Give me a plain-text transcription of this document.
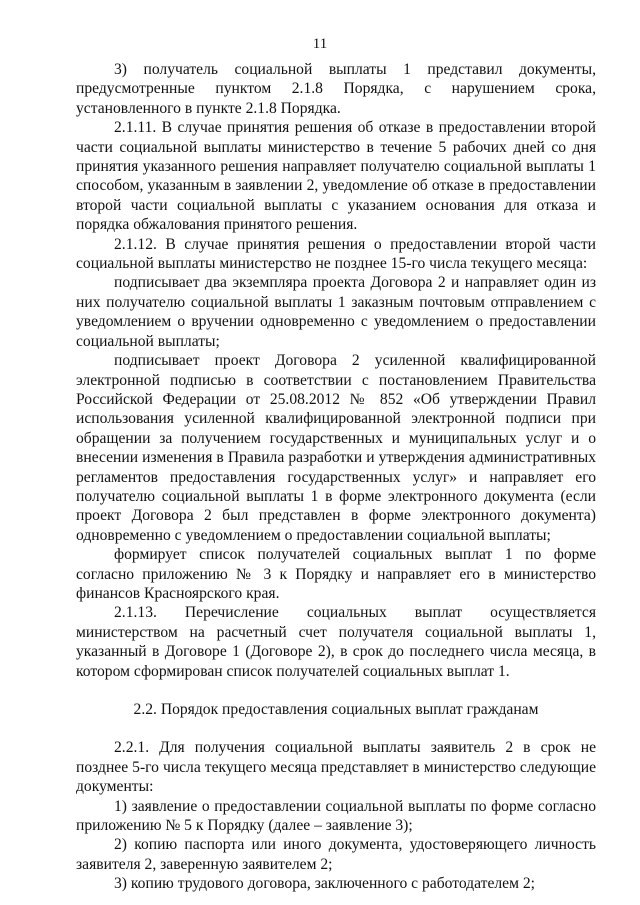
11

3) получатель социальной выплаты 1 представил документы, предусмотренные пунктом 2.1.8 Порядка, с нарушением срока, установленного в пункте 2.1.8 Порядка.

2.1.11. В случае принятия решения об отказе в предоставлении второй части социальной выплаты министерство в течение 5 рабочих дней со дня принятия указанного решения направляет получателю социальной выплаты 1 способом, указанным в заявлении 2, уведомление об отказе в предоставлении второй части социальной выплаты с указанием основания для отказа и порядка обжалования принятого решения.

2.1.12. В случае принятия решения о предоставлении второй части социальной выплаты министерство не позднее 15-го числа текущего месяца:

подписывает два экземпляра проекта Договора 2 и направляет один из них получателю социальной выплаты 1 заказным почтовым отправлением с уведомлением о вручении одновременно с уведомлением о предоставлении социальной выплаты;

подписывает проект Договора 2 усиленной квалифицированной электронной подписью в соответствии с постановлением Правительства Российской Федерации от 25.08.2012 № 852 «Об утверждении Правил использования усиленной квалифицированной электронной подписи при обращении за получением государственных и муниципальных услуг и о внесении изменения в Правила разработки и утверждения административных регламентов предоставления государственных услуг» и направляет его получателю социальной выплаты 1 в форме электронного документа (если проект Договора 2 был представлен в форме электронного документа) одновременно с уведомлением о предоставлении социальной выплаты;

формирует список получателей социальных выплат 1 по форме согласно приложению № 3 к Порядку и направляет его в министерство финансов Красноярского края.

2.1.13. Перечисление социальных выплат осуществляется министерством на расчетный счет получателя социальной выплаты 1, указанный в Договоре 1 (Договоре 2), в срок до последнего числа месяца, в котором сформирован список получателей социальных выплат 1.

2.2. Порядок предоставления социальных выплат гражданам

2.2.1. Для получения социальной выплаты заявитель 2 в срок не позднее 5-го числа текущего месяца представляет в министерство следующие документы:

1) заявление о предоставлении социальной выплаты по форме согласно приложению № 5 к Порядку (далее – заявление 3);

2) копию паспорта или иного документа, удостоверяющего личность заявителя 2, заверенную заявителем 2;

3) копию трудового договора, заключенного с работодателем 2;
